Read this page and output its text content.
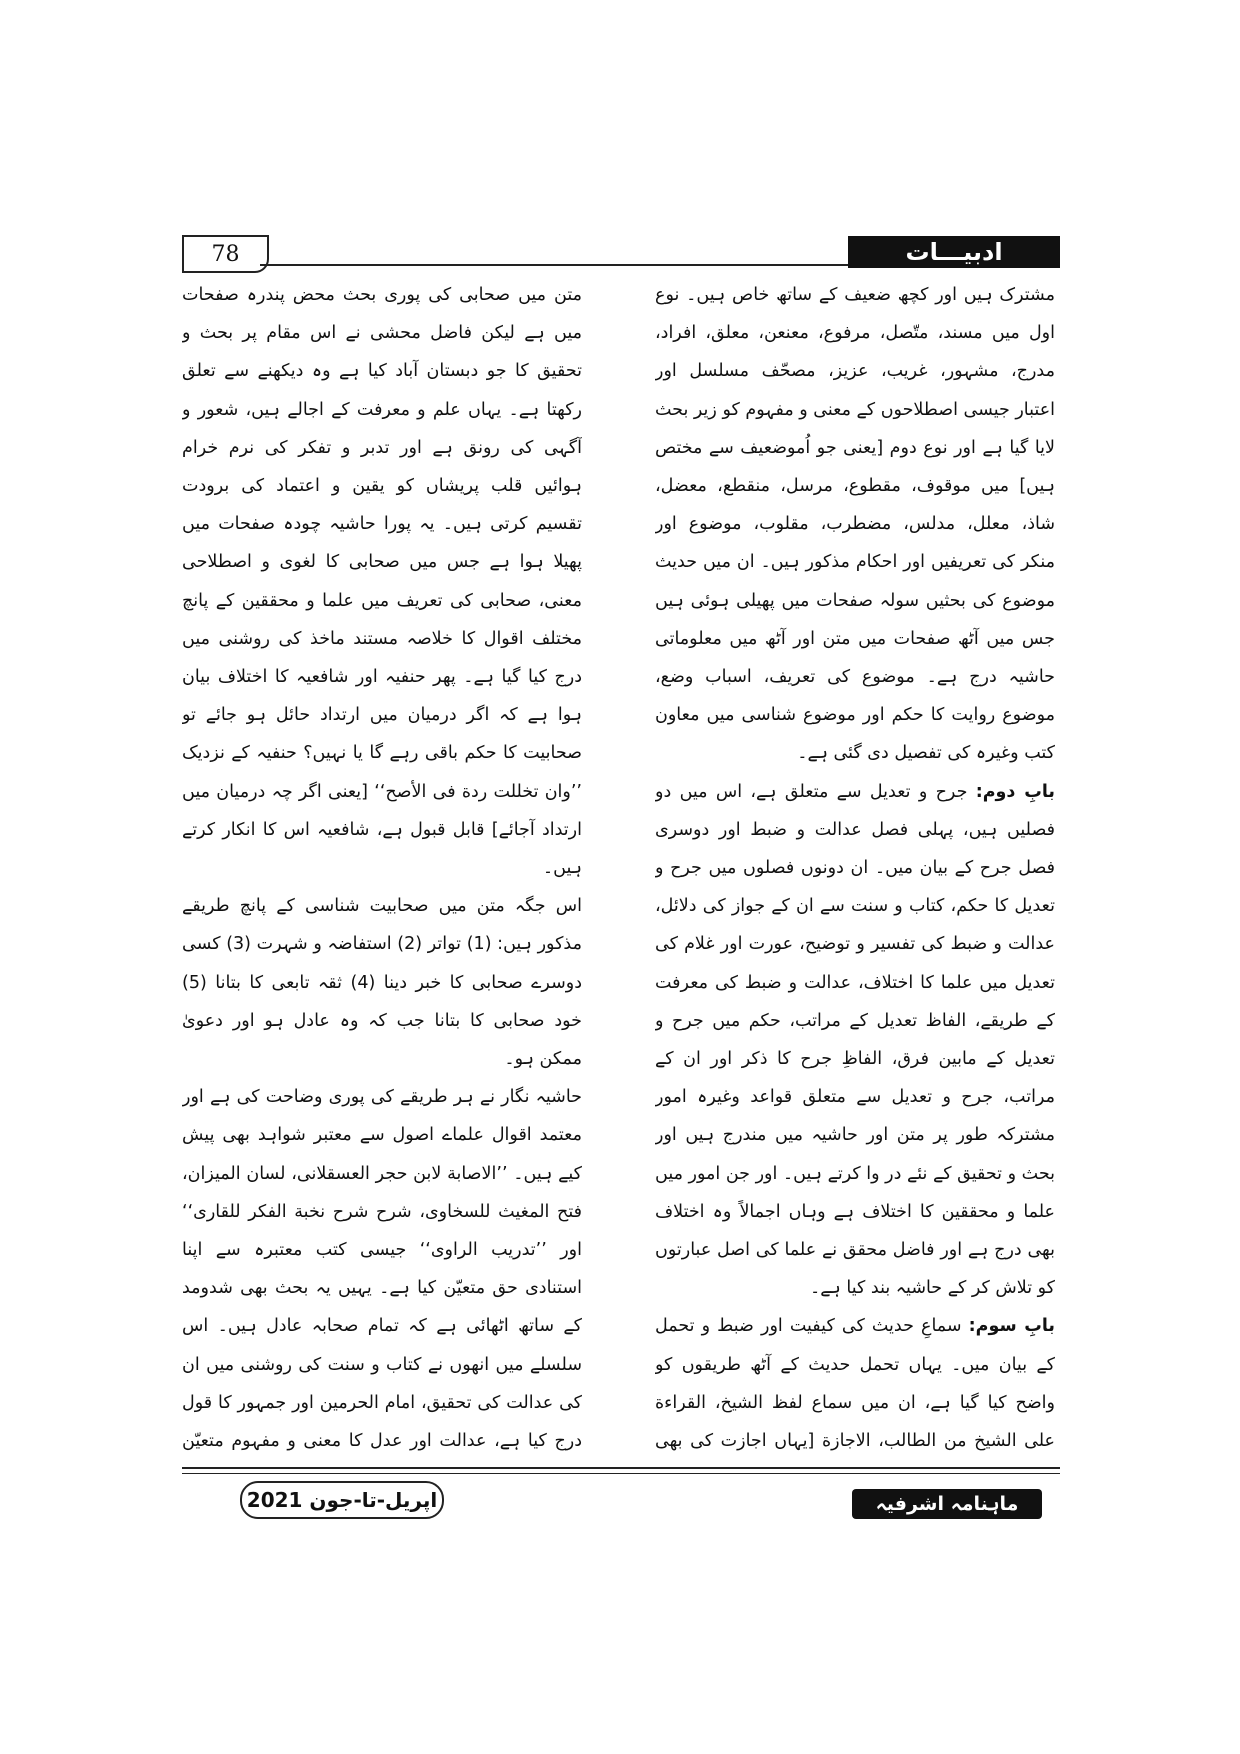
78	ادبیـــات

مشترک ہیں اور کچھ ضعیف کے ساتھ خاص ہیں۔ نوع اول میں مسند، متّصل، مرفوع، معنعن، معلق، افراد، مدرج، مشہور، غریب، عزیز، مصحّف مسلسل اور اعتبار جیسی اصطلاحوں کے معنی و مفہوم کو زیر بحث لایا گیا ہے اور نوع دوم [یعنی جو اُموضعیف سے مختص ہیں] میں موقوف، مقطوع، مرسل، منقطع، معضل، شاذ، معلل، مدلس، مضطرب، مقلوب، موضوع اور منکر کی تعریفیں اور احکام مذکور ہیں۔ ان میں حدیث موضوع کی بحثیں سولہ صفحات میں پھیلی ہوئی ہیں جس میں آٹھ صفحات میں متن اور آٹھ میں معلوماتی حاشیہ درج ہے۔ موضوع کی تعریف، اسباب وضع، موضوع روایت کا حکم اور موضوع شناسی میں معاون کتب وغیرہ کی تفصیل دی گئی ہے۔

بابِ دوم: جرح و تعدیل سے متعلق ہے، اس میں دو فصلیں ہیں، پہلی فصل عدالت و ضبط اور دوسری فصل جرح کے بیان میں۔ ان دونوں فصلوں میں جرح و تعدیل کا حکم، کتاب و سنت سے ان کے جواز کی دلائل، عدالت و ضبط کی تفسیر و توضیح، عورت اور غلام کی تعدیل میں علما کا اختلاف، عدالت و ضبط کی معرفت کے طریقے، الفاظ تعدیل کے مراتب، حکم میں جرح و تعدیل کے مابین فرق، الفاظِ جرح کا ذکر اور ان کے مراتب، جرح و تعدیل سے متعلق قواعد وغیرہ امور مشترکہ طور پر متن اور حاشیہ میں مندرج ہیں اور بحث و تحقیق کے نئے در وا کرتے ہیں۔ اور جن امور میں علما و محققین کا اختلاف ہے وہاں اجمالاً وہ اختلاف بھی درج ہے اور فاضل محقق نے علما کی اصل عبارتوں کو تلاش کر کے حاشیہ بند کیا ہے۔

بابِ سوم: سماعِ حدیث کی کیفیت اور ضبط و تحمل کے بیان میں۔ یہاں تحمل حدیث کے آٹھ طریقوں کو واضح کیا گیا ہے، ان میں سماع لفظ الشیخ، القراءة علی الشیخ من الطالب، الاجازة [یہاں اجازت کی بھی

متن میں صحابی کی پوری بحث محض پندرہ صفحات میں ہے لیکن فاضل محشی نے اس مقام پر بحث و تحقیق کا جو دبستان آباد کیا ہے وہ دیکھنے سے تعلق رکھتا ہے۔ یہاں علم و معرفت کے اجالے ہیں، شعور و آگہی کی رونق ہے اور تدبر و تفکر کی نرم خرام ہوائیں قلب پریشاں کو یقین و اعتماد کی برودت تقسیم کرتی ہیں۔ یہ پورا حاشیہ چودہ صفحات میں پھیلا ہوا ہے جس میں صحابی کا لغوی و اصطلاحی معنی، صحابی کی تعریف میں علما و محققین کے پانچ مختلف اقوال کا خلاصہ مستند ماخذ کی روشنی میں درج کیا گیا ہے۔ پھر حنفیہ اور شافعیہ کا اختلاف بیان ہوا ہے کہ اگر درمیان میں ارتداد حائل ہو جائے تو صحابیت کا حکم باقی رہے گا یا نہیں؟ حنفیہ کے نزدیک ’’وان تخللت ردة فی الأصح‘‘ [یعنی اگر چہ درمیان میں ارتداد آجائے] قابل قبول ہے، شافعیہ اس کا انکار کرتے ہیں۔

اس جگہ متن میں صحابیت شناسی کے پانچ طریقے مذکور ہیں: (1) تواتر (2) استفاضہ و شہرت (3) کسی دوسرے صحابی کا خبر دینا (4) ثقہ تابعی کا بتانا (5) خود صحابی کا بتانا جب کہ وہ عادل ہو اور دعویٰ ممکن ہو۔

حاشیہ نگار نے ہر طریقے کی پوری وضاحت کی ہے اور معتمد اقوال علماے اصول سے معتبر شواہد بھی پیش کیے ہیں۔ ’’الاصابة لابن حجر العسقلانی، لسان المیزان، فتح المغیث للسخاوی، شرح شرح نخبة الفکر للقاری‘‘ اور ’’تدریب الراوی‘‘ جیسی کتب معتبرہ سے اپنا استنادی حق متعیّن کیا ہے۔ یہیں یہ بحث بھی شدومد کے ساتھ اٹھائی ہے کہ تمام صحابہ عادل ہیں۔ اس سلسلے میں انھوں نے کتاب و سنت کی روشنی میں ان کی عدالت کی تحقیق، امام الحرمین اور جمہور کا قول درج کیا ہے، عدالت اور عدل کا معنی و مفہوم متعیّن

اپریل-تا-جون 2021	ماہنامہ اشرفیہ
